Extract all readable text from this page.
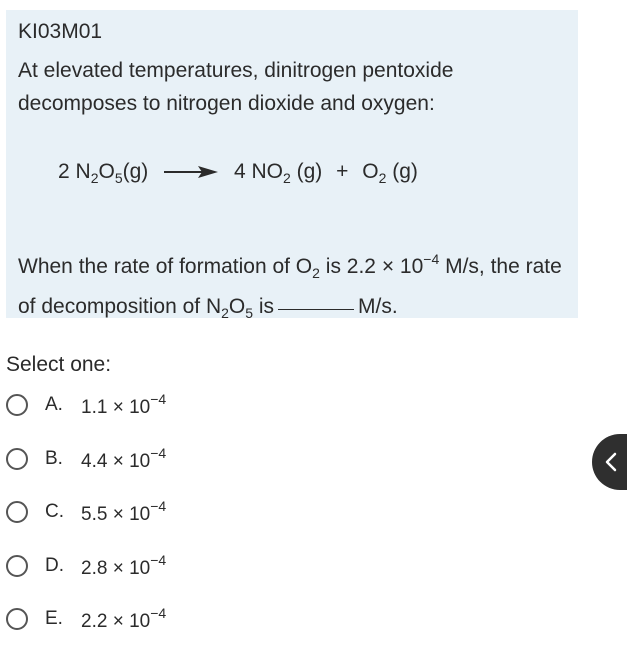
KI03M01
At elevated temperatures, dinitrogen pentoxide decomposes to nitrogen dioxide and oxygen:
2 $N_2O_5(g) \to 4$ $NO_2$ $(g) + O_2$ (g)
When the rate of formation of $O_2$ is $2.2 \times 10^{-4}$ M/s, the rate of decomposition of $N_2O_5$ is	M/s.
Select one:
A. $1.1 \times 10^{-4}$
B. $4.4 \times 10^{-4}$
C. $5.5 \times 10^{-4}$
D. $2.8 \times 10^{-4}$
E. $2.2 \times 10^{-4}$
